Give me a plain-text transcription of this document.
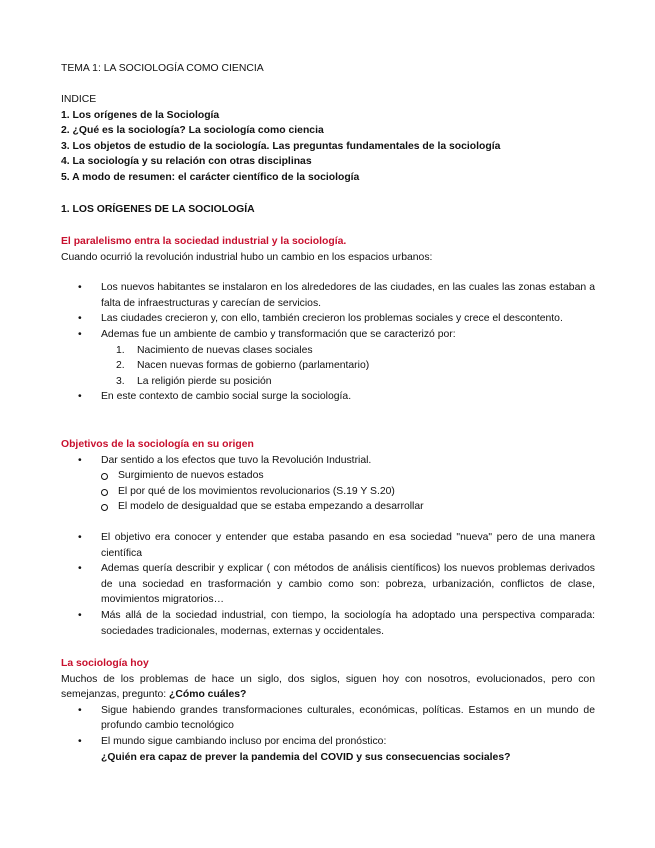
TEMA 1: LA SOCIOLOGÍA COMO CIENCIA
INDICE
1. Los orígenes de la Sociología
2. ¿Qué es la sociología? La sociología como ciencia
3. Los objetos de estudio de la sociología. Las preguntas fundamentales de la sociología
4. La sociología y su relación con otras disciplinas
5. A modo de resumen: el carácter científico de la sociología
1. LOS ORÍGENES DE LA SOCIOLOGÍA
El paralelismo entra la sociedad industrial y la sociología.
Cuando ocurrió la revolución industrial hubo un cambio en los espacios urbanos:
• Los nuevos habitantes se instalaron en los alrededores de las ciudades, en las cuales las zonas estaban a falta de infraestructuras y carecían de servicios.
• Las ciudades crecieron y, con ello, también crecieron los problemas sociales y crece el descontento.
• Ademas fue un ambiente de cambio y transformación que se caracterizó por:
1. Nacimiento de nuevas clases sociales
2. Nacen nuevas formas de gobierno (parlamentario)
3. La religión pierde su posición
• En este contexto de cambio social surge la sociología.
Objetivos de la sociología en su origen
• Dar sentido a los efectos que tuvo la Revolución Industrial.
Surgimiento de nuevos estados
El por qué de los movimientos revolucionarios (S.19 Y S.20)
El modelo de desigualdad que se estaba empezando a desarrollar
• El objetivo era conocer y entender que estaba pasando en esa sociedad "nueva" pero de una manera científica
• Ademas quería describir y explicar ( con métodos de análisis científicos) los nuevos problemas derivados de una sociedad en trasformación y cambio como son: pobreza, urbanización, conflictos de clase, movimientos migratorios…
• Más allá de la sociedad industrial, con tiempo, la sociología ha adoptado una perspectiva comparada: sociedades tradicionales, modernas, externas y occidentales.
La sociología hoy
Muchos de los problemas de hace un siglo, dos siglos, siguen hoy con nosotros, evolucionados, pero con semejanzas, pregunto: ¿Cómo cuáles?
• Sigue habiendo grandes transformaciones culturales, económicas, políticas. Estamos en un mundo de profundo cambio tecnológico
• El mundo sigue cambiando incluso por encima del pronóstico:
¿Quién era capaz de prever la pandemia del COVID y sus consecuencias sociales?
